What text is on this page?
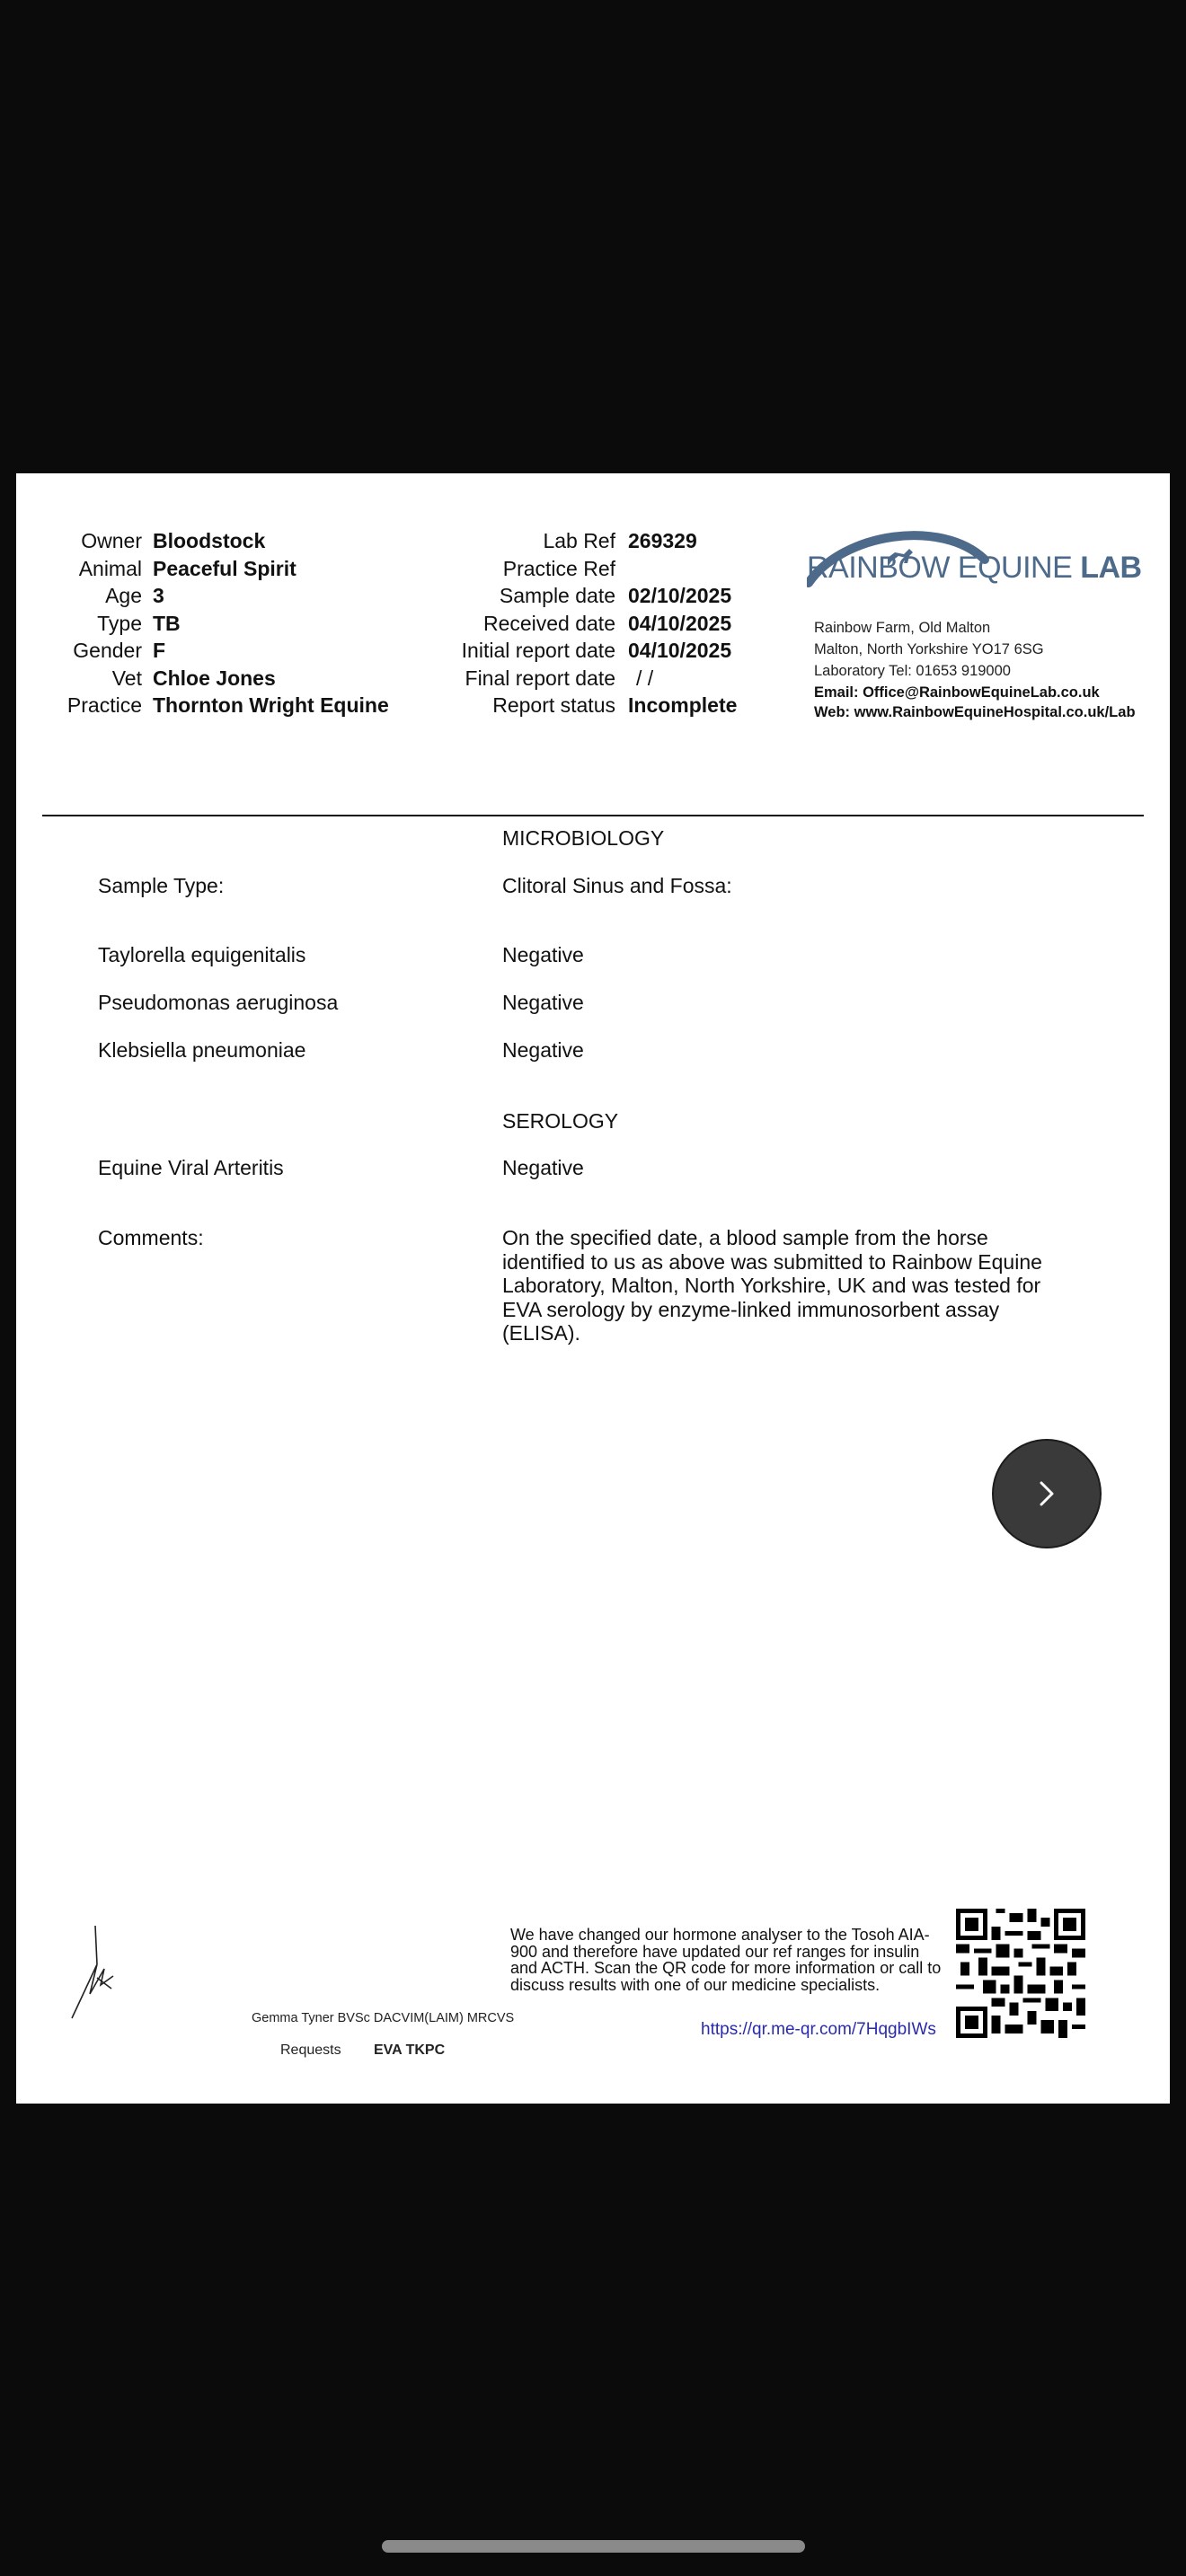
Owner Bloodstock
Animal Peaceful Spirit
Age 3
Type TB
Gender F
Vet Chloe Jones
Practice Thornton Wright Equine
Lab Ref 269329
Practice Ref
Sample date 02/10/2025
Received date 04/10/2025
Initial report date 04/10/2025
Final report date / /
Report status Incomplete
RAINBOW EQUINE LAB
Rainbow Farm, Old Malton
Malton, North Yorkshire YO17 6SG
Laboratory Tel: 01653 919000
Email: Office@RainbowEquineLab.co.uk
Web: www.RainbowEquineHospital.co.uk/Lab
MICROBIOLOGY
Sample Type:	Clitoral Sinus and Fossa:
Taylorella equigenitalis	Negative
Pseudomonas aeruginosa	Negative
Klebsiella pneumoniae	Negative
SEROLOGY
Equine Viral Arteritis	Negative
Comments:	On the specified date, a blood sample from the horse identified to us as above was submitted to Rainbow Equine Laboratory, Malton, North Yorkshire, UK and was tested for EVA serology by enzyme-linked immunosorbent assay (ELISA).
Gemma Tyner BVSc DACVIM(LAIM) MRCVS
Requests EVA TKPC
We have changed our hormone analyser to the Tosoh AIA-900 and therefore have updated our ref ranges for insulin and ACTH. Scan the QR code for more information or call to discuss results with one of our medicine specialists.
https://qr.me-qr.com/7HqgbIWs
